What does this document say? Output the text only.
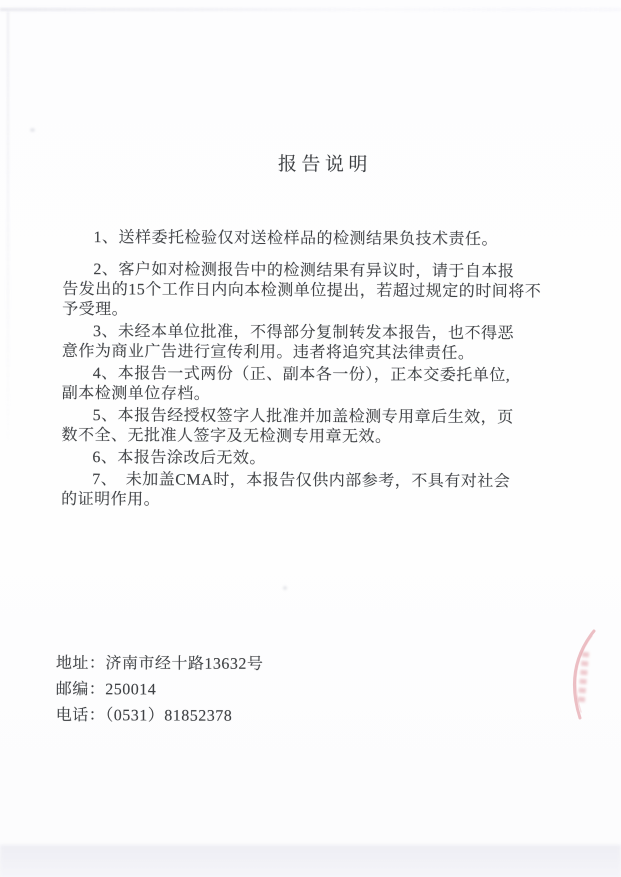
报告说明

1、送样委托检验仅对送检样品的检测结果负技术责任。

2、客户如对检测报告中的检测结果有异议时，请于自本报
告发出的15个工作日内向本检测单位提出，若超过规定的时间将不
予受理。

3、未经本单位批准，不得部分复制转发本报告，也不得恶
意作为商业广告进行宣传利用。违者将追究其法律责任。

4、本报告一式两份（正、副本各一份），正本交委托单位,
副本检测单位存档。

5、本报告经授权签字人批准并加盖检测专用章后生效，页
数不全、无批准人签字及无检测专用章无效。

6、本报告涂改后无效。

7、　未加盖CMA时，本报告仅供内部参考，不具有对社会
的证明作用。

地址：济南市经十路13632号

邮编：250014

电话：（0531）81852378
